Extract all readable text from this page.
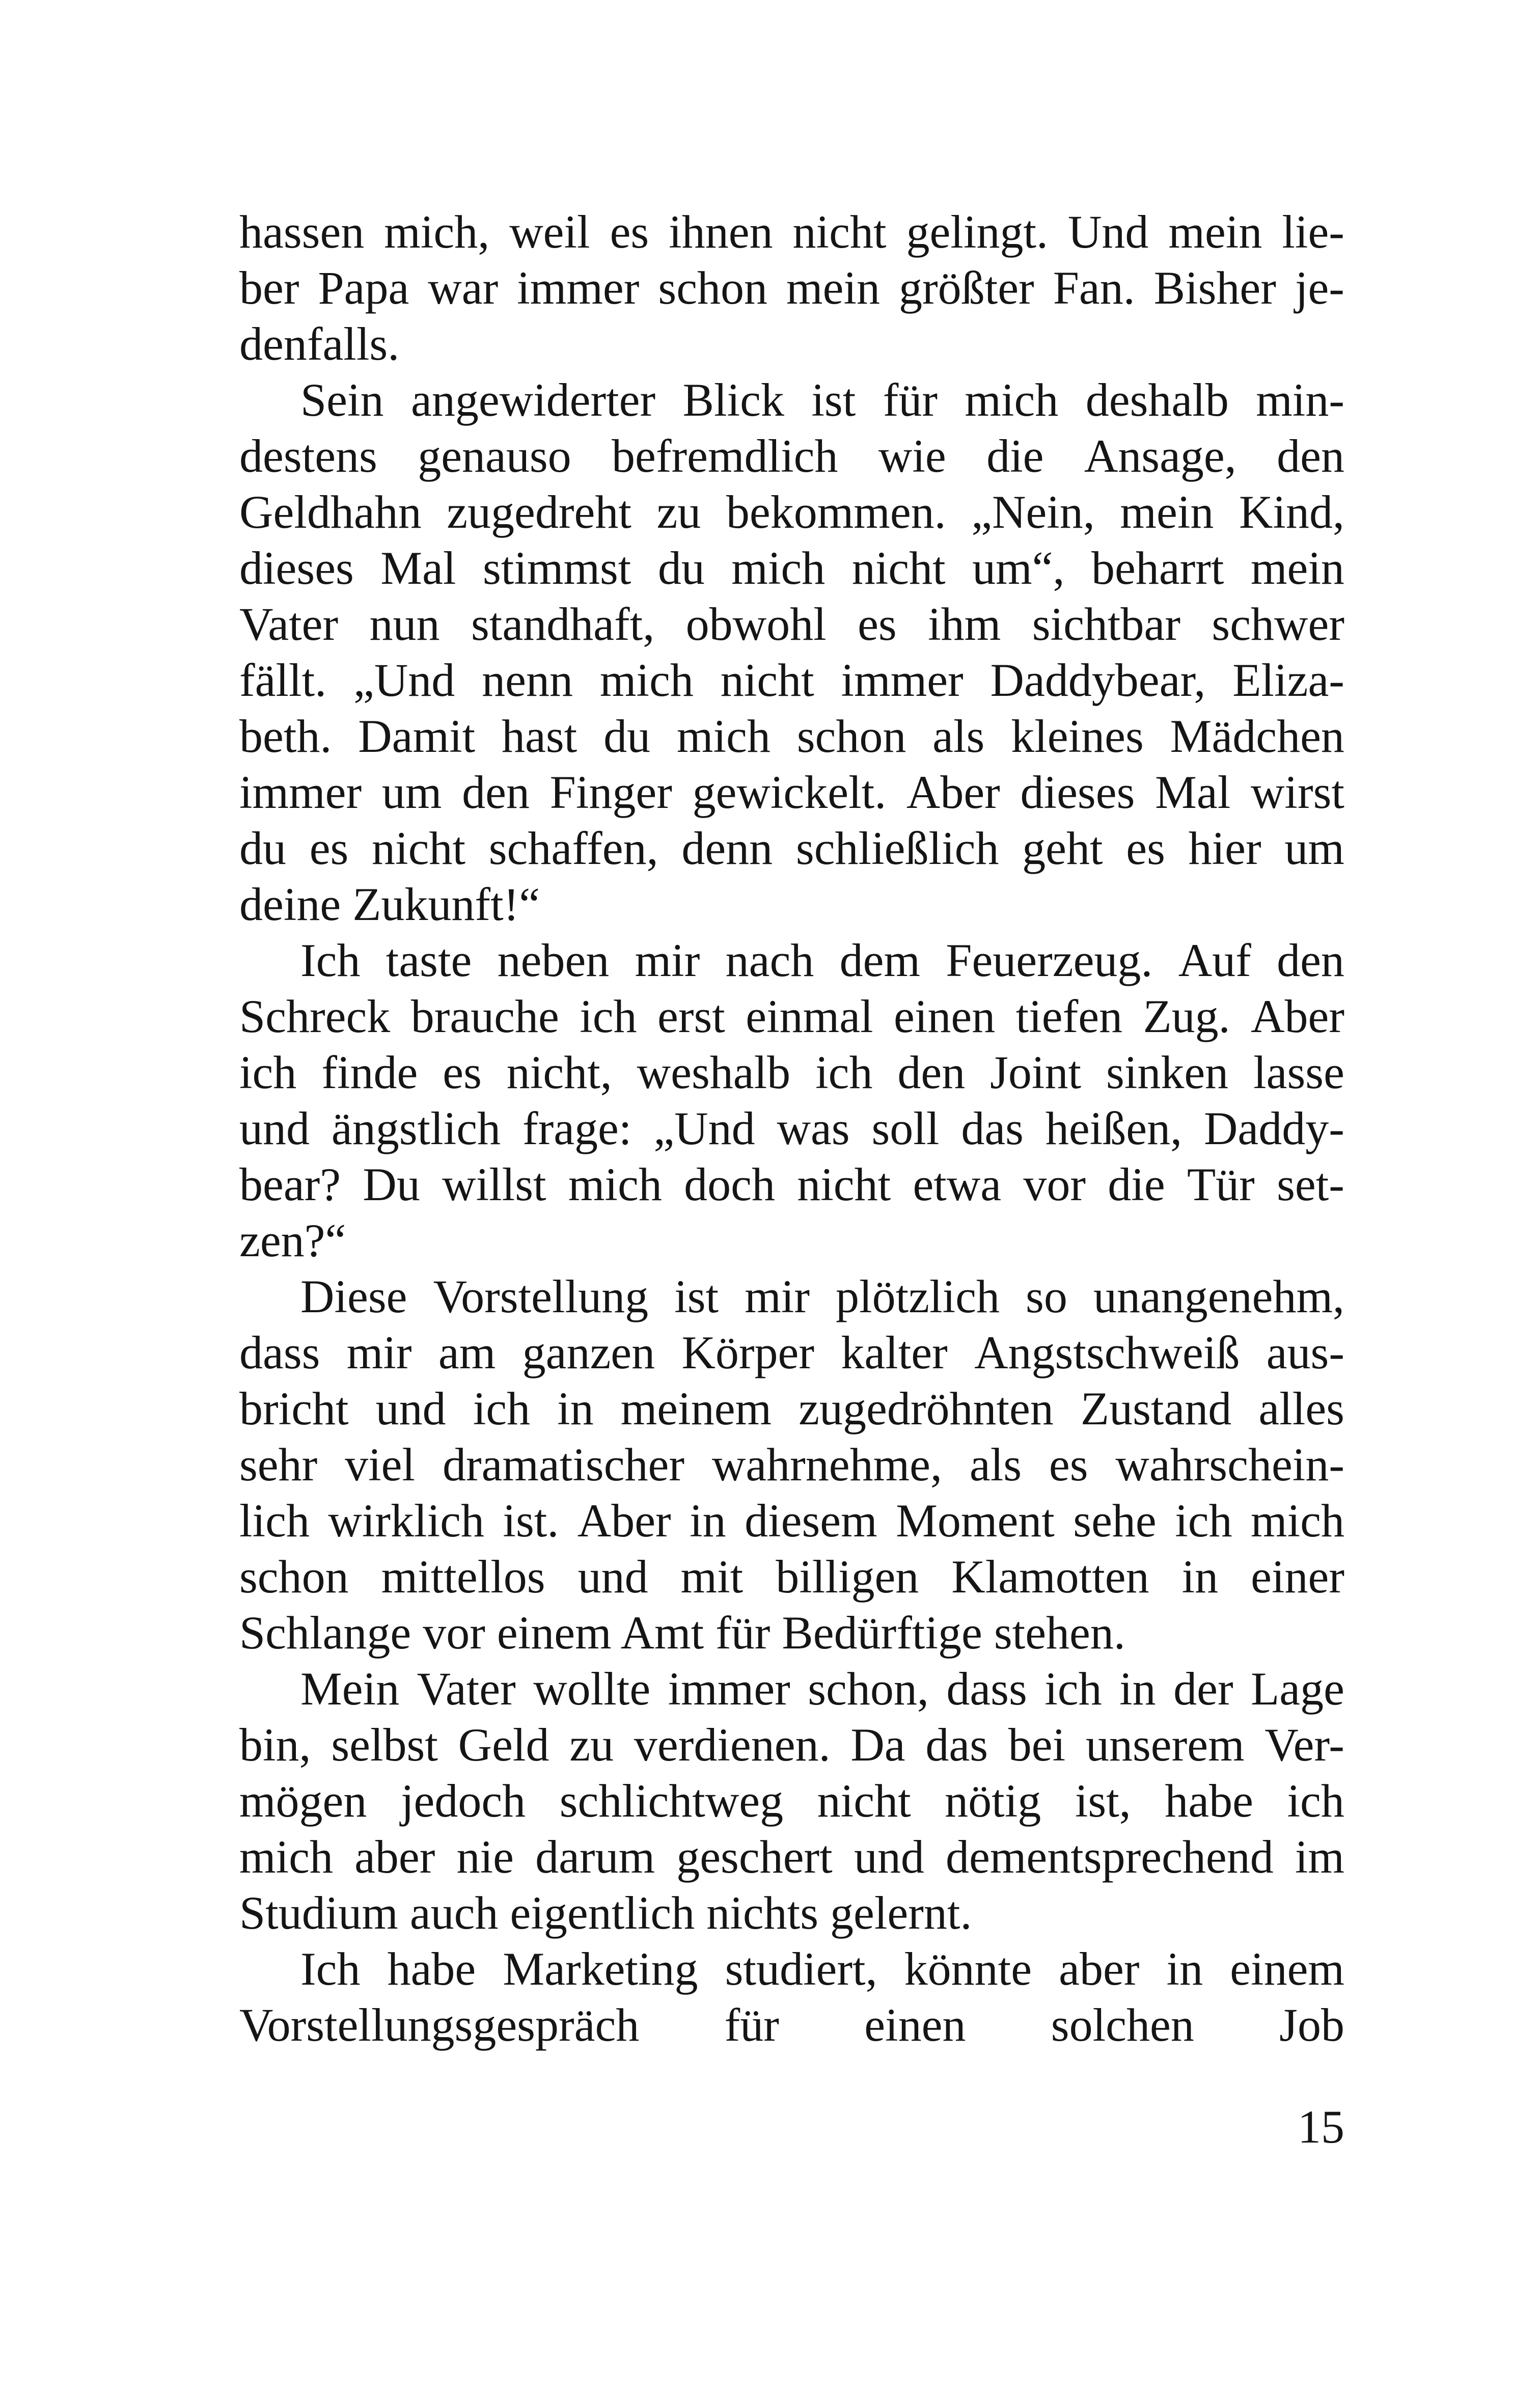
hassen mich, weil es ihnen nicht gelingt. Und mein lie-
ber Papa war immer schon mein größter Fan. Bisher je-
denfalls.
Sein angewiderter Blick ist für mich deshalb min-
destens genauso befremdlich wie die Ansage, den
Geldhahn zugedreht zu bekommen. „Nein, mein Kind,
dieses Mal stimmst du mich nicht um“, beharrt mein
Vater nun standhaft, obwohl es ihm sichtbar schwer
fällt. „Und nenn mich nicht immer Daddybear, Eliza-
beth. Damit hast du mich schon als kleines Mädchen
immer um den Finger gewickelt. Aber dieses Mal wirst
du es nicht schaffen, denn schließlich geht es hier um
deine Zukunft!“
Ich taste neben mir nach dem Feuerzeug. Auf den
Schreck brauche ich erst einmal einen tiefen Zug. Aber
ich finde es nicht, weshalb ich den Joint sinken lasse
und ängstlich frage: „Und was soll das heißen, Daddy-
bear? Du willst mich doch nicht etwa vor die Tür set-
zen?“
Diese Vorstellung ist mir plötzlich so unangenehm,
dass mir am ganzen Körper kalter Angstschweiß aus-
bricht und ich in meinem zugedröhnten Zustand alles
sehr viel dramatischer wahrnehme, als es wahrschein-
lich wirklich ist. Aber in diesem Moment sehe ich mich
schon mittellos und mit billigen Klamotten in einer
Schlange vor einem Amt für Bedürftige stehen.
Mein Vater wollte immer schon, dass ich in der Lage
bin, selbst Geld zu verdienen. Da das bei unserem Ver-
mögen jedoch schlichtweg nicht nötig ist, habe ich
mich aber nie darum geschert und dementsprechend im
Studium auch eigentlich nichts gelernt.
Ich habe Marketing studiert, könnte aber in einem
Vorstellungsgespräch für einen solchen Job
15
